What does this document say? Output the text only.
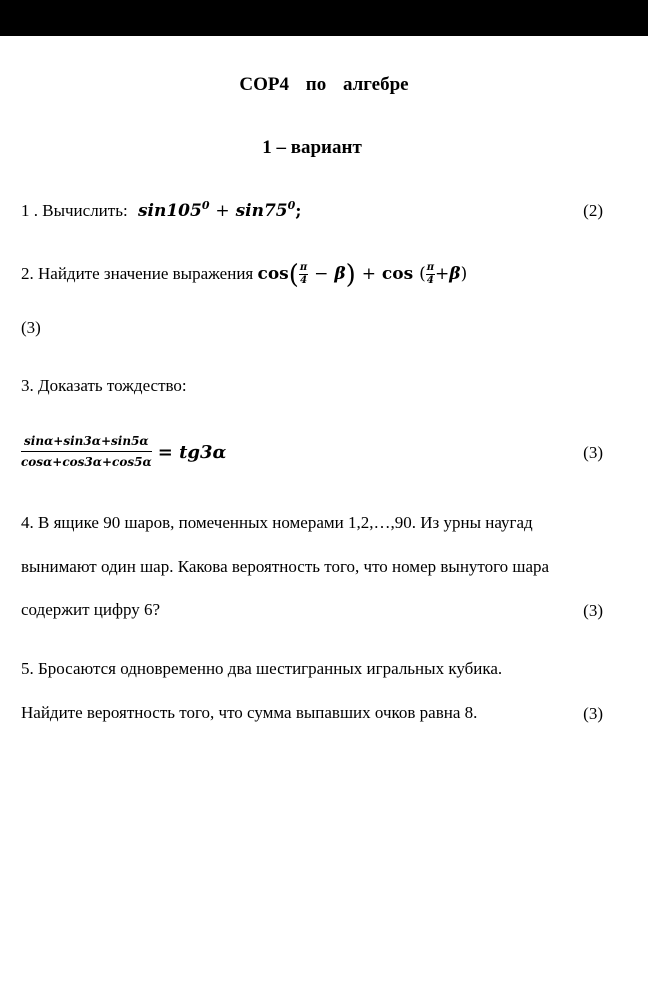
СОР4 по алгебре
1 – вариант
1 . Вычислить: $\sin 105^0 + \sin 75^0$;	(2)
2. Найдите значение выражения $\cos( \frac{\pi}{4} - \beta) + \cos$ ( $\frac{\pi}{4} +\beta$)
(3)
3. Доказать тождество:
$\frac{\sin\alpha+\sin 3\alpha+\sin 5\alpha}{\cos\alpha+\cos 3\alpha+\cos 5\alpha} = tg3\alpha$	(3)
4. В ящике 90 шаров, помеченных номерами 1,2,…,90. Из урны наугад
вынимают один шар. Какова вероятность того, что номер вынутого шара
содержит цифру 6?	(3)
5. Бросаются одновременно два шестигранных игральных кубика.
Найдите вероятность того, что сумма выпавших очков равна 8.	(3)
